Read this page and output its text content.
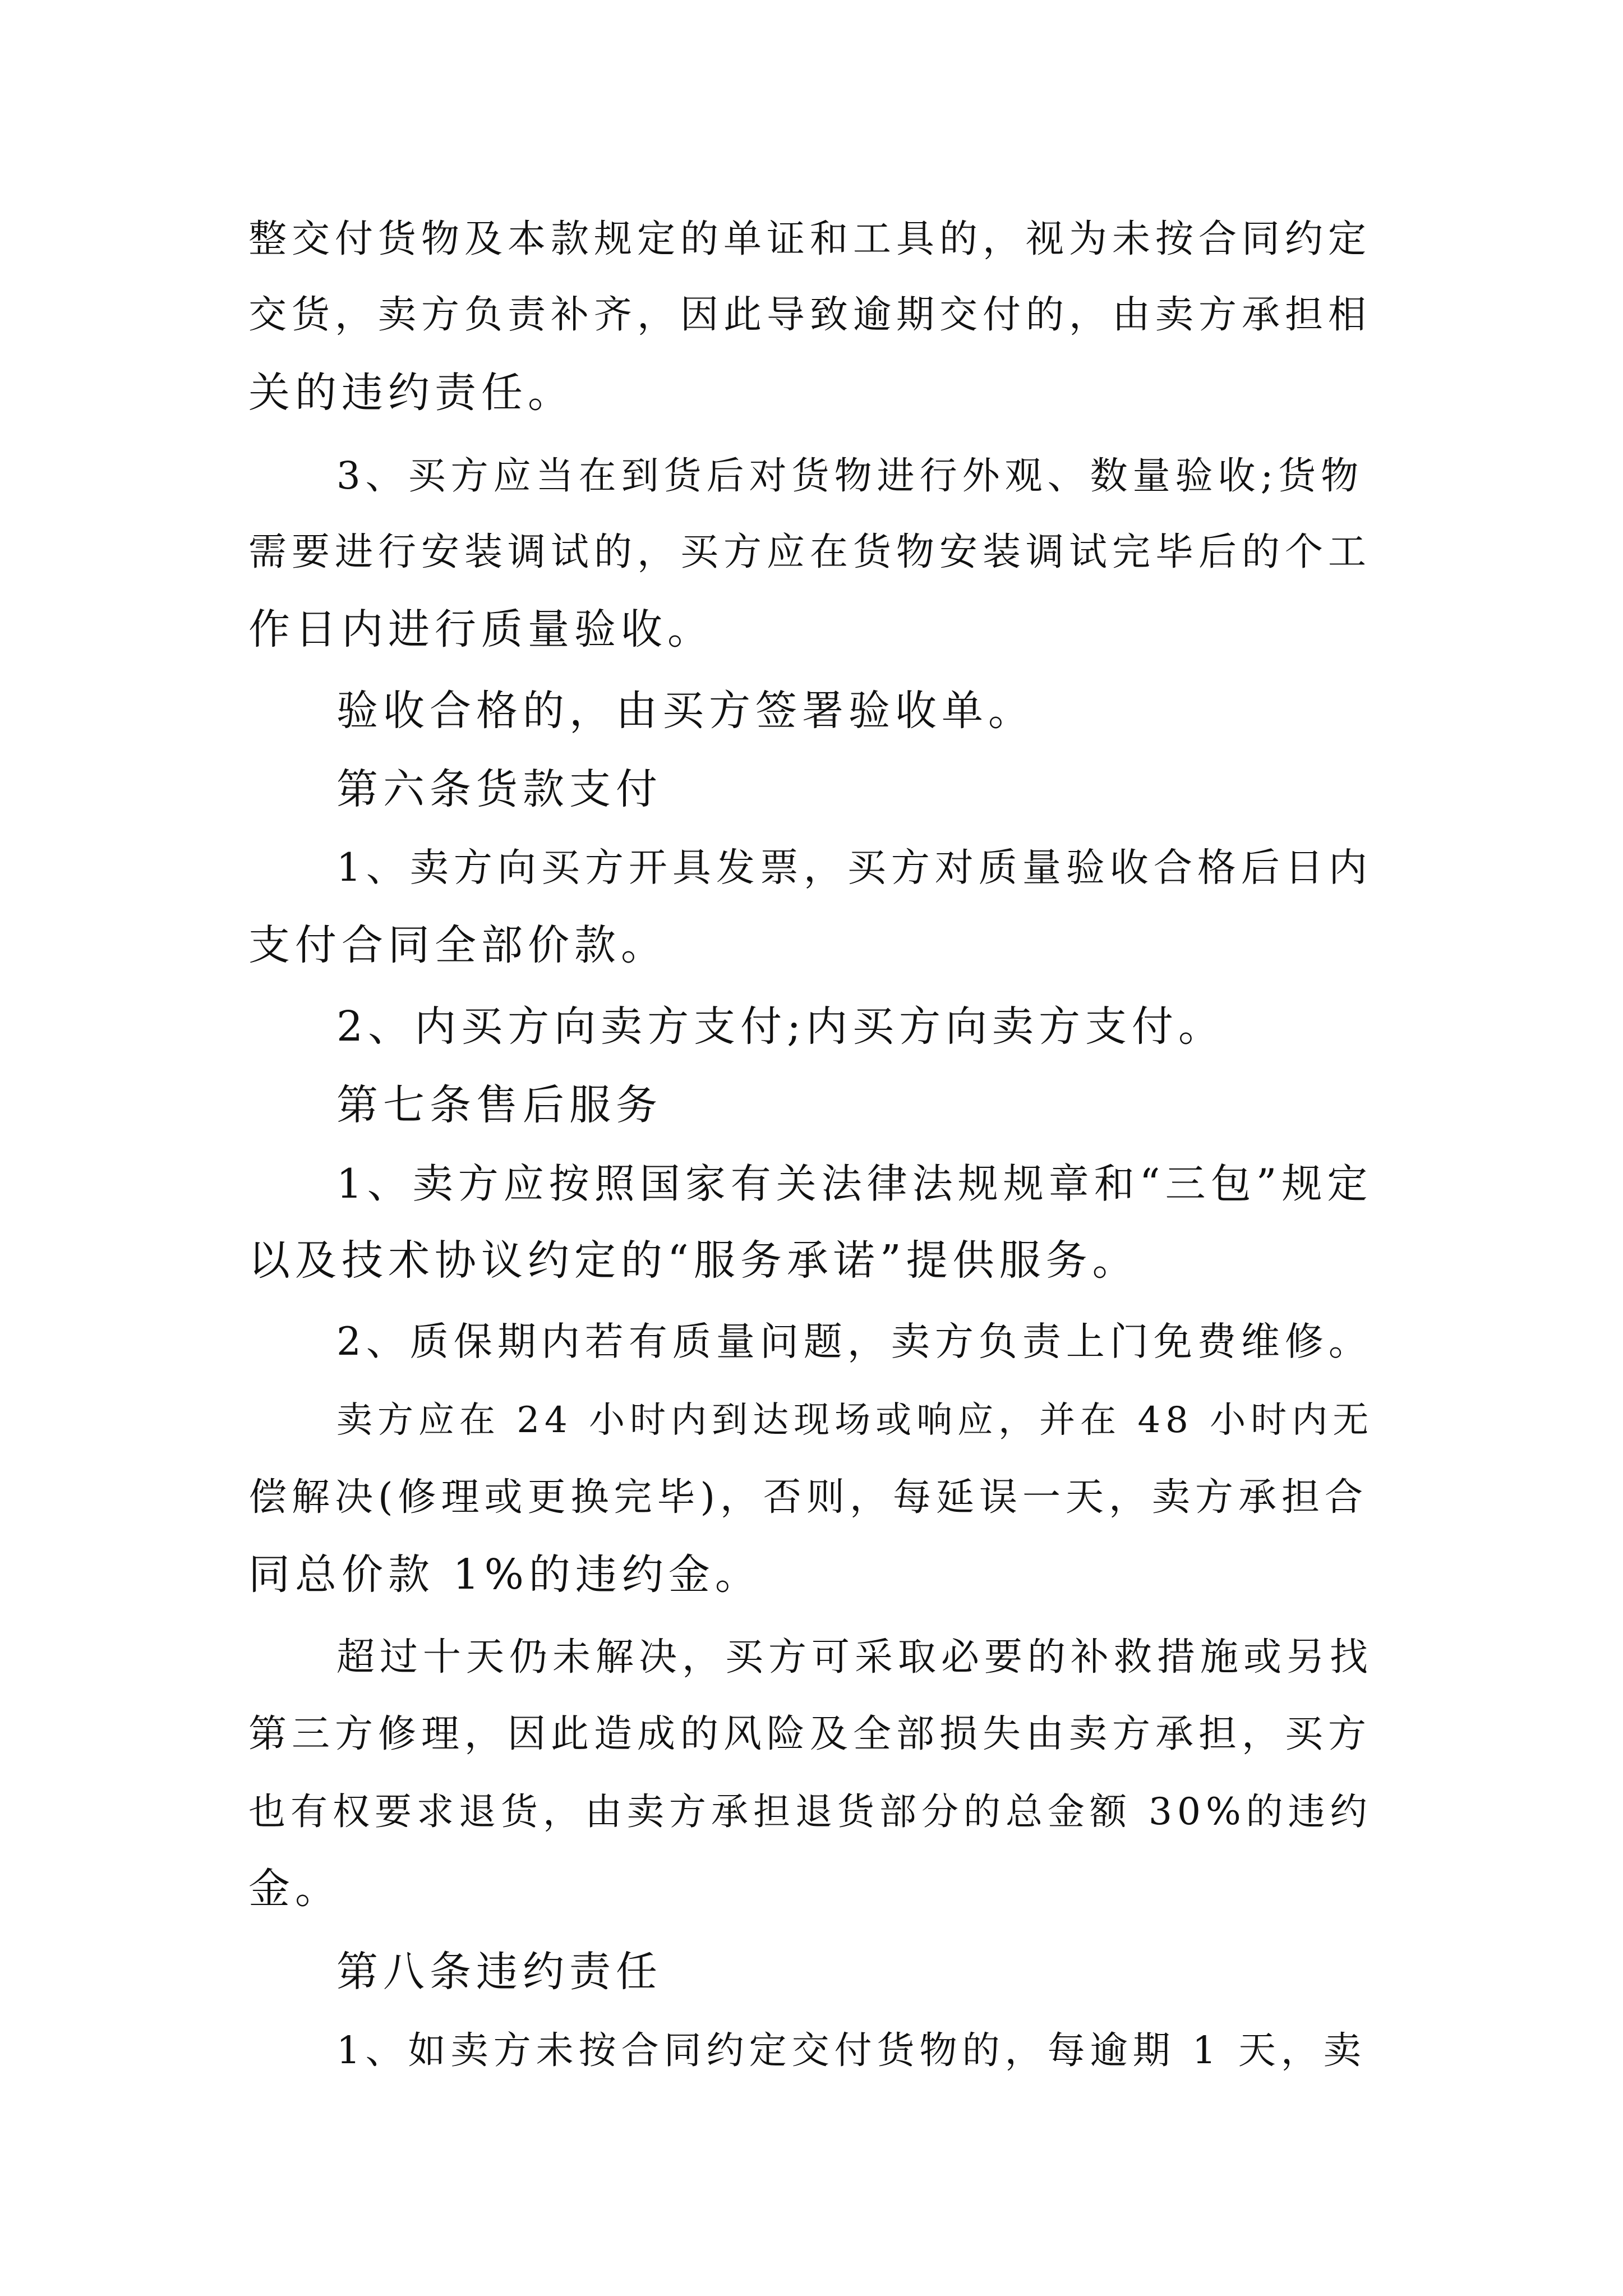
整交付货物及本款规定的单证和工具的，视为未按合同约定

交货，卖方负责补齐，因此导致逾期交付的，由卖方承担相

关的违约责任。

3、买方应当在到货后对货物进行外观、数量验收;货物

需要进行安装调试的，买方应在货物安装调试完毕后的个工

作日内进行质量验收。

验收合格的，由买方签署验收单。

第六条货款支付

1、卖方向买方开具发票，买方对质量验收合格后日内

支付合同全部价款。

2、内买方向卖方支付;内买方向卖方支付。

第七条售后服务

1、卖方应按照国家有关法律法规规章和“三包”规定

以及技术协议约定的“服务承诺”提供服务。

2、质保期内若有质量问题，卖方负责上门免费维修。

卖方应在 24 小时内到达现场或响应，并在 48 小时内无

偿解决(修理或更换完毕)，否则，每延误一天，卖方承担合

同总价款 1%的违约金。

超过十天仍未解决，买方可采取必要的补救措施或另找

第三方修理，因此造成的风险及全部损失由卖方承担，买方

也有权要求退货，由卖方承担退货部分的总金额 30%的违约

金。

第八条违约责任

1、如卖方未按合同约定交付货物的，每逾期 1 天，卖
